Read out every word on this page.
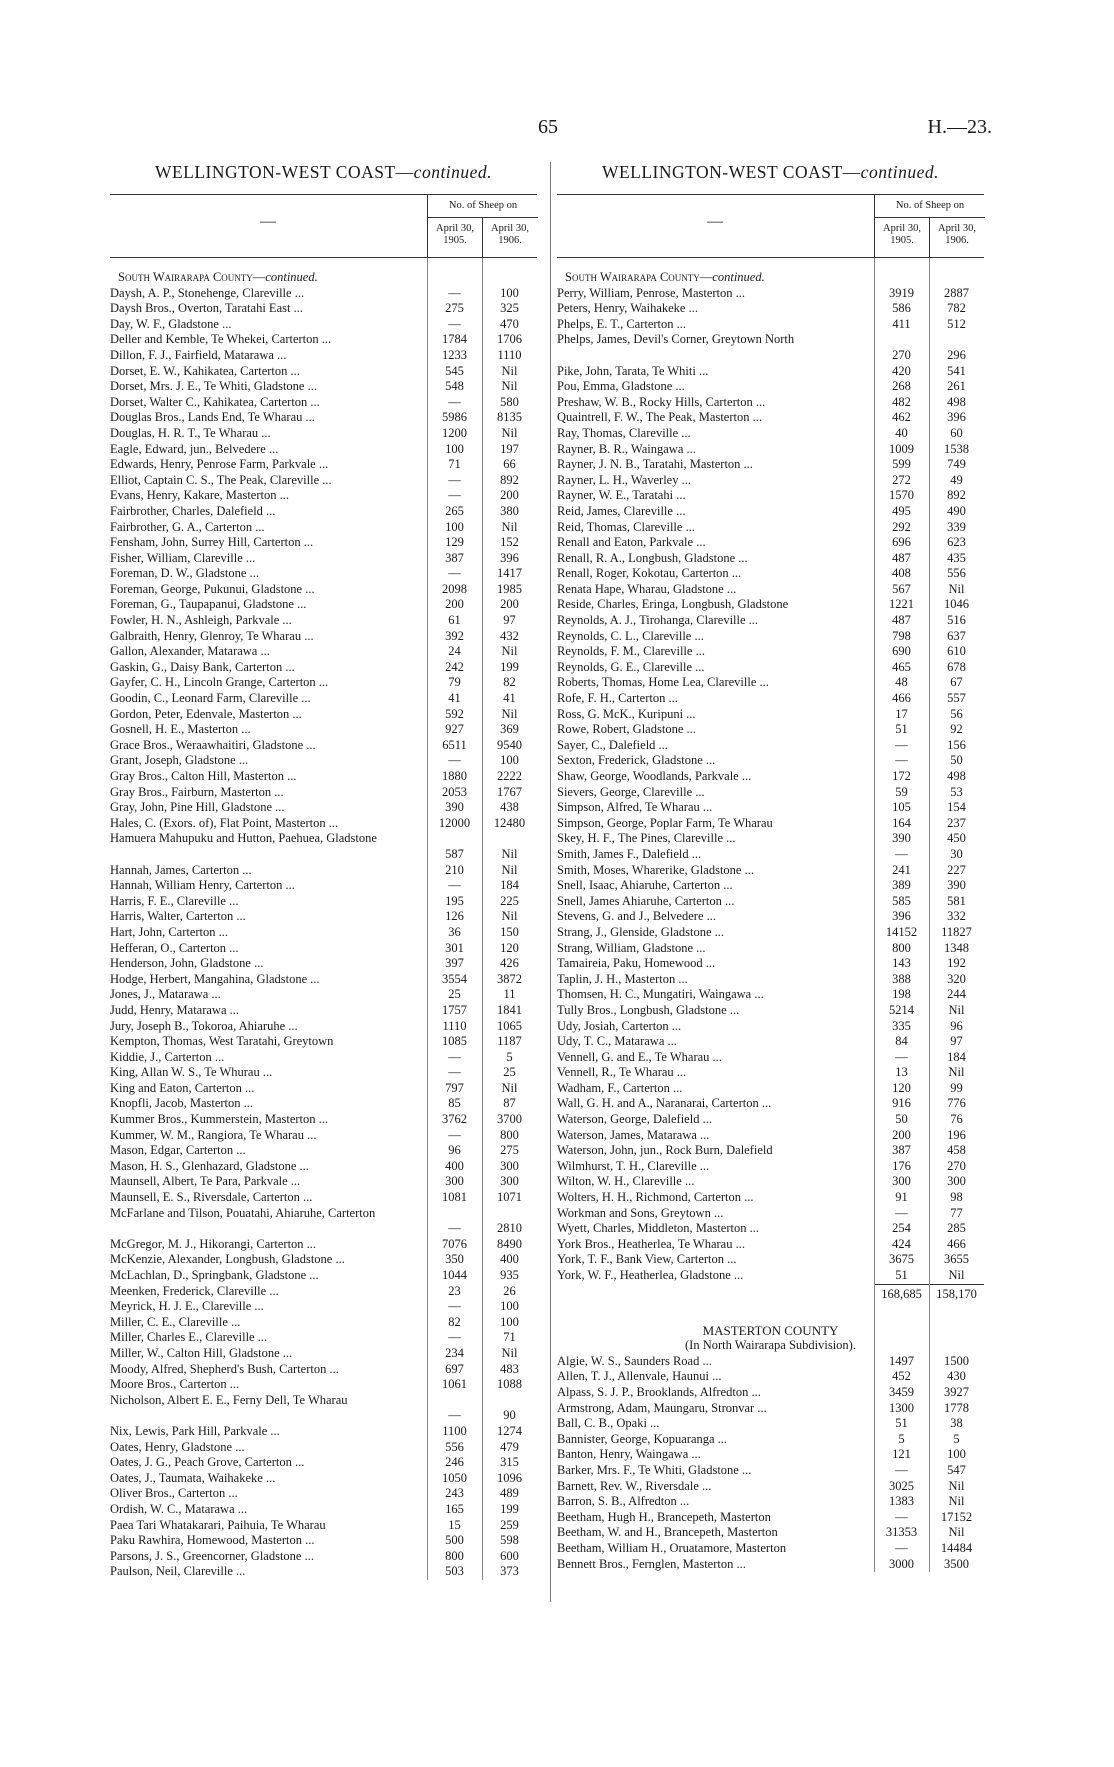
65	H.—23.
WELLINGTON-WEST COAST—continued.
—
No. of Sheep on
April 30,
1905.
April 30,
1906.
South Wairarapa County—continued.
Daysh, A. P., Stonehenge, Clareville ...	—	100
Daysh Bros., Overton, Taratahi East ...	275	325
Day, W. F., Gladstone ...	—	470
Deller and Kemble, Te Whekei, Carterton ...	1784	1706
Dillon, F. J., Fairfield, Matarawa ...	1233	1110
Dorset, E. W., Kahikatea, Carterton ...	545	Nil
Dorset, Mrs. J. E., Te Whiti, Gladstone ...	548	Nil
Dorset, Walter C., Kahikatea, Carterton ...	—	580
Douglas Bros., Lands End, Te Wharau ...	5986	8135
Douglas, H. R. T., Te Wharau ...	1200	Nil
Eagle, Edward, jun., Belvedere ...	100	197
Edwards, Henry, Penrose Farm, Parkvale ...	71	66
Elliot, Captain C. S., The Peak, Clareville ...	—	892
Evans, Henry, Kakare, Masterton ...	—	200
Fairbrother, Charles, Dalefield ...	265	380
Fairbrother, G. A., Carterton ...	100	Nil
Fensham, John, Surrey Hill, Carterton ...	129	152
Fisher, William, Clareville ...	387	396
Foreman, D. W., Gladstone ...	—	1417
Foreman, George, Pukunui, Gladstone ...	2098	1985
Foreman, G., Taupapanui, Gladstone ...	200	200
Fowler, H. N., Ashleigh, Parkvale ...	61	97
Galbraith, Henry, Glenroy, Te Wharau ...	392	432
Gallon, Alexander, Matarawa ...	24	Nil
Gaskin, G., Daisy Bank, Carterton ...	242	199
Gayfer, C. H., Lincoln Grange, Carterton ...	79	82
Goodin, C., Leonard Farm, Clareville ...	41	41
Gordon, Peter, Edenvale, Masterton ...	592	Nil
Gosnell, H. E., Masterton ...	927	369
Grace Bros., Weraawhaitiri, Gladstone ...	6511	9540
Grant, Joseph, Gladstone ...	—	100
Gray Bros., Calton Hill, Masterton ...	1880	2222
Gray Bros., Fairburn, Masterton ...	2053	1767
Gray, John, Pine Hill, Gladstone ...	390	438
Hales, C. (Exors. of), Flat Point, Masterton ...	12000	12480
Hamuera Mahupuku and Hutton, Paehuea, Gladstone
587	Nil
Hannah, James, Carterton ...	210	Nil
Hannah, William Henry, Carterton ...	—	184
Harris, F. E., Clareville ...	195	225
Harris, Walter, Carterton ...	126	Nil
Hart, John, Carterton ...	36	150
Hefferan, O., Carterton ...	301	120
Henderson, John, Gladstone ...	397	426
Hodge, Herbert, Mangahina, Gladstone ...	3554	3872
Jones, J., Matarawa ...	25	11
Judd, Henry, Matarawa ...	1757	1841
Jury, Joseph B., Tokoroa, Ahiaruhe ...	1110	1065
Kempton, Thomas, West Taratahi, Greytown	1085	1187
Kiddie, J., Carterton ...	—	5
King, Allan W. S., Te Whurau ...	—	25
King and Eaton, Carterton ...	797	Nil
Knopfli, Jacob, Masterton ...	85	87
Kummer Bros., Kummerstein, Masterton ...	3762	3700
Kummer, W. M., Rangiora, Te Wharau ...	—	800
Mason, Edgar, Carterton ...	96	275
Mason, H. S., Glenhazard, Gladstone ...	400	300
Maunsell, Albert, Te Para, Parkvale ...	300	300
Maunsell, E. S., Riversdale, Carterton ...	1081	1071
McFarlane and Tilson, Pouatahi, Ahiaruhe, Carterton
—	2810
McGregor, M. J., Hikorangi, Carterton ...	7076	8490
McKenzie, Alexander, Longbush, Gladstone ...	350	400
McLachlan, D., Springbank, Gladstone ...	1044	935
Meenken, Frederick, Clareville ...	23	26
Meyrick, H. J. E., Clareville ...	—	100
Miller, C. E., Clareville ...	82	100
Miller, Charles E., Clareville ...	—	71
Miller, W., Calton Hill, Gladstone ...	234	Nil
Moody, Alfred, Shepherd's Bush, Carterton ...	697	483
Moore Bros., Carterton ...	1061	1088
Nicholson, Albert E. E., Ferny Dell, Te Wharau
—	90
Nix, Lewis, Park Hill, Parkvale ...	1100	1274
Oates, Henry, Gladstone ...	556	479
Oates, J. G., Peach Grove, Carterton ...	246	315
Oates, J., Taumata, Waihakeke ...	1050	1096
Oliver Bros., Carterton ...	243	489
Ordish, W. C., Matarawa ...	165	199
Paea Tari Whatakarari, Paihuia, Te Wharau	15	259
Paku Rawhira, Homewood, Masterton ...	500	598
Parsons, J. S., Greencorner, Gladstone ...	800	600
Paulson, Neil, Clareville ...	503	373
WELLINGTON-WEST COAST—continued.
—
No. of Sheep on
April 30,
1905.
April 30,
1906.
South Wairarapa County—continued.
Perry, William, Penrose, Masterton ...	3919	2887
Peters, Henry, Waihakeke ...	586	782
Phelps, E. T., Carterton ...	411	512
Phelps, James, Devil's Corner, Greytown North
270	296
Pike, John, Tarata, Te Whiti ...	420	541
Pou, Emma, Gladstone ...	268	261
Preshaw, W. B., Rocky Hills, Carterton ...	482	498
Quaintrell, F. W., The Peak, Masterton ...	462	396
Ray, Thomas, Clareville ...	40	60
Rayner, B. R., Waingawa ...	1009	1538
Rayner, J. N. B., Taratahi, Masterton ...	599	749
Rayner, L. H., Waverley ...	272	49
Rayner, W. E., Taratahi ...	1570	892
Reid, James, Clareville ...	495	490
Reid, Thomas, Clareville ...	292	339
Renall and Eaton, Parkvale ...	696	623
Renall, R. A., Longbush, Gladstone ...	487	435
Renall, Roger, Kokotau, Carterton ...	408	556
Renata Hape, Wharau, Gladstone ...	567	Nil
Reside, Charles, Eringa, Longbush, Gladstone	1221	1046
Reynolds, A. J., Tirohanga, Clareville ...	487	516
Reynolds, C. L., Clareville ...	798	637
Reynolds, F. M., Clareville ...	690	610
Reynolds, G. E., Clareville ...	465	678
Roberts, Thomas, Home Lea, Clareville ...	48	67
Rofe, F. H., Carterton ...	466	557
Ross, G. McK., Kuripuni ...	17	56
Rowe, Robert, Gladstone ...	51	92
Sayer, C., Dalefield ...	—	156
Sexton, Frederick, Gladstone ...	—	50
Shaw, George, Woodlands, Parkvale ...	172	498
Sievers, George, Clareville ...	59	53
Simpson, Alfred, Te Wharau ...	105	154
Simpson, George, Poplar Farm, Te Wharau	164	237
Skey, H. F., The Pines, Clareville ...	390	450
Smith, James F., Dalefield ...	—	30
Smith, Moses, Wharerike, Gladstone ...	241	227
Snell, Isaac, Ahiaruhe, Carterton ...	389	390
Snell, James Ahiaruhe, Carterton ...	585	581
Stevens, G. and J., Belvedere ...	396	332
Strang, J., Glenside, Gladstone ...	14152	11827
Strang, William, Gladstone ...	800	1348
Tamaireia, Paku, Homewood ...	143	192
Taplin, J. H., Masterton ...	388	320
Thomsen, H. C., Mungatiri, Waingawa ...	198	244
Tully Bros., Longbush, Gladstone ...	5214	Nil
Udy, Josiah, Carterton ...	335	96
Udy, T. C., Matarawa ...	84	97
Vennell, G. and E., Te Wharau ...	—	184
Vennell, R., Te Wharau ...	13	Nil
Wadham, F., Carterton ...	120	99
Wall, G. H. and A., Naranarai, Carterton ...	916	776
Waterson, George, Dalefield ...	50	76
Waterson, James, Matarawa ...	200	196
Waterson, John, jun., Rock Burn, Dalefield	387	458
Wilmhurst, T. H., Clareville ...	176	270
Wilton, W. H., Clareville ...	300	300
Wolters, H. H., Richmond, Carterton ...	91	98
Workman and Sons, Greytown ...	—	77
Wyett, Charles, Middleton, Masterton ...	254	285
York Bros., Heatherlea, Te Wharau ...	424	466
York, T. F., Bank View, Carterton ...	3675	3655
York, W. F., Heatherlea, Gladstone ...	51	Nil
168,685	158,170
MASTERTON COUNTY
(In North Wairarapa Subdivision).
Algie, W. S., Saunders Road ...	1497	1500
Allen, T. J., Allenvale, Haunui ...	452	430
Alpass, S. J. P., Brooklands, Alfredton ...	3459	3927
Armstrong, Adam, Maungaru, Stronvar ...	1300	1778
Ball, C. B., Opaki ...	51	38
Bannister, George, Kopuaranga ...	5	5
Banton, Henry, Waingawa ...	121	100
Barker, Mrs. F., Te Whiti, Gladstone ...	—	547
Barnett, Rev. W., Riversdale ...	3025	Nil
Barron, S. B., Alfredton ...	1383	Nil
Beetham, Hugh H., Brancepeth, Masterton	—	17152
Beetham, W. and H., Brancepeth, Masterton	31353	Nil
Beetham, William H., Oruatamore, Masterton	—	14484
Bennett Bros., Fernglen, Masterton ...	3000	3500
